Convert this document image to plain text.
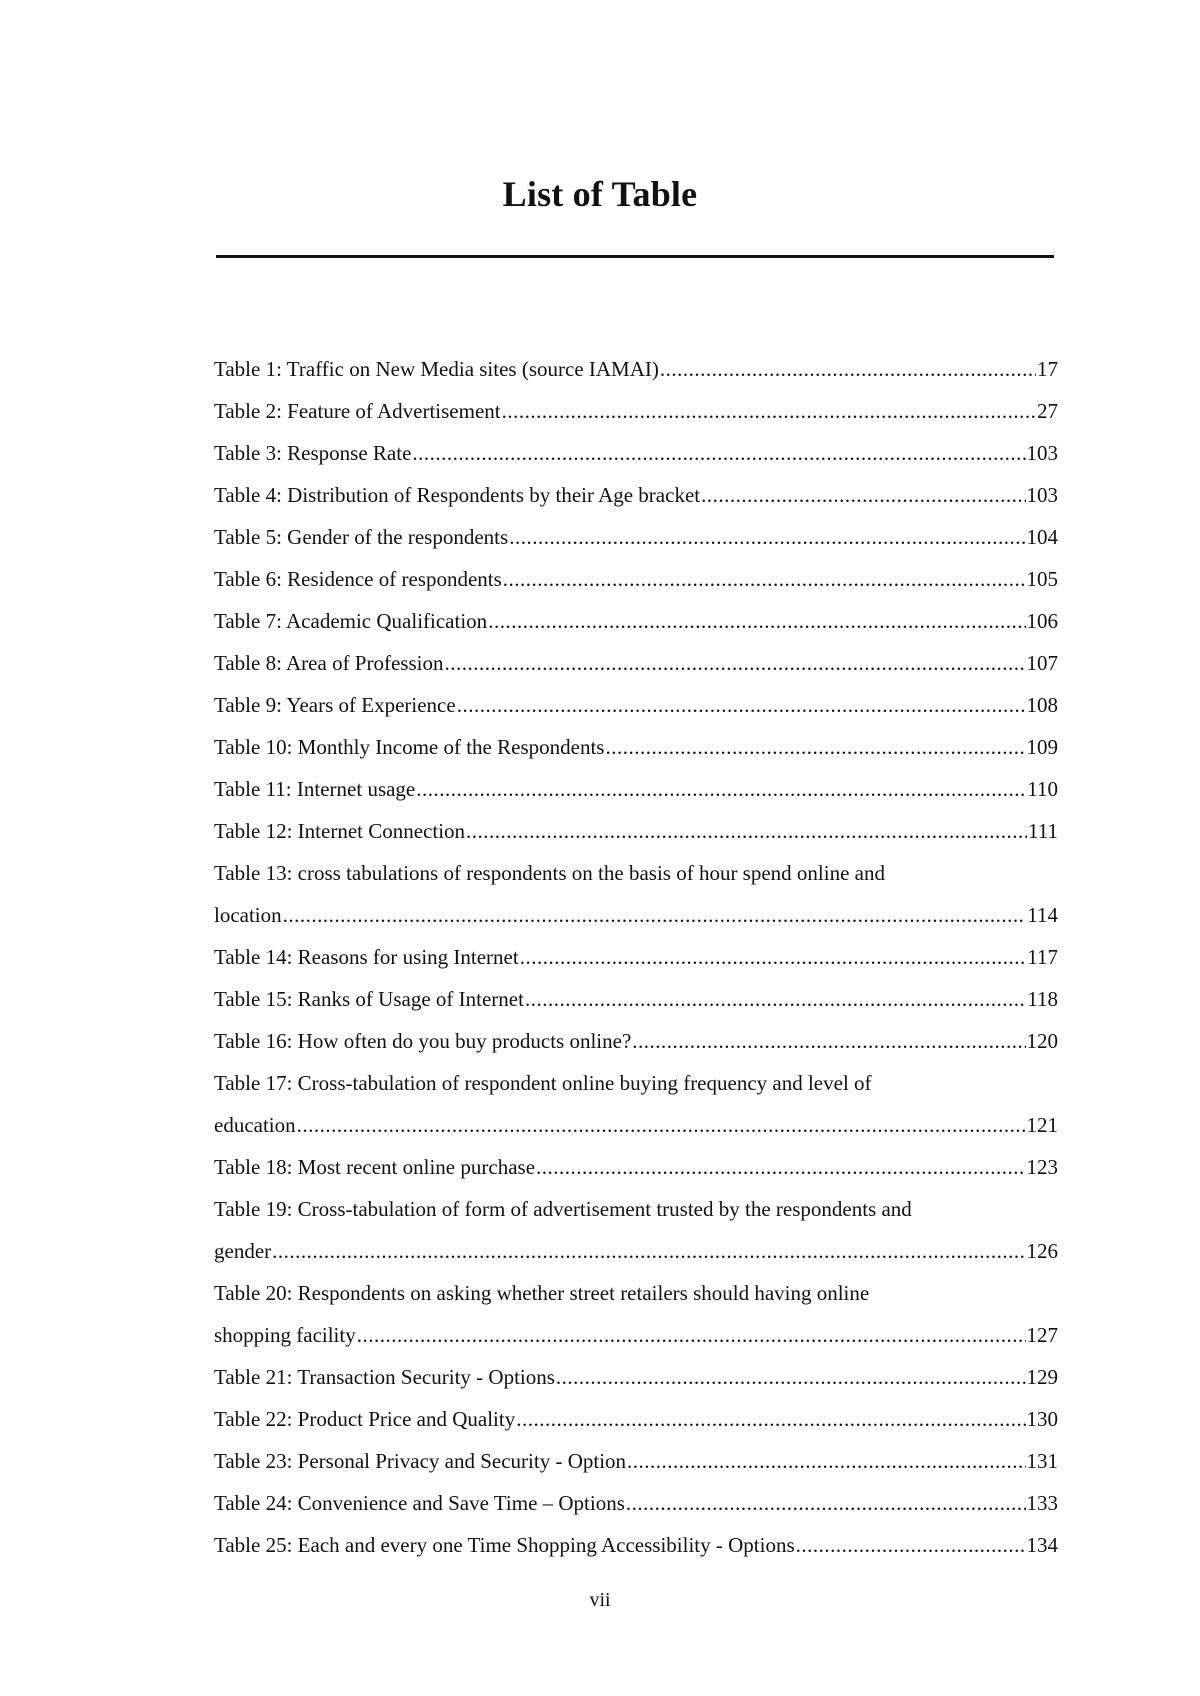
List of Table
Table 1: Traffic on New Media sites (source IAMAI) .....	17
Table 2: Feature of Advertisement .....	27
Table 3: Response Rate .....	103
Table 4: Distribution of Respondents by their Age bracket .....	103
Table 5: Gender of the respondents .....	104
Table 6: Residence of respondents .....	105
Table 7: Academic Qualification .....	106
Table 8: Area of Profession .....	107
Table 9: Years of Experience .....	108
Table 10: Monthly Income of the Respondents .....	109
Table 11: Internet usage .....	110
Table 12: Internet Connection .....	111
Table 13: cross tabulations of respondents on the basis of hour spend online and
location .....	114
Table 14: Reasons for using Internet .....	117
Table 15: Ranks of Usage of Internet .....	118
Table 16: How often do you buy products online? .....	120
Table 17: Cross-tabulation of respondent online buying frequency and level of
education .....	121
Table 18: Most recent online purchase .....	123
Table 19: Cross-tabulation of form of advertisement trusted by the respondents and
gender .....	126
Table 20: Respondents on asking whether street retailers should having online
shopping facility .....	127
Table 21: Transaction Security - Options .....	129
Table 22: Product Price and Quality .....	130
Table 23: Personal Privacy and Security - Option .....	131
Table 24: Convenience and Save Time – Options .....	133
Table 25: Each and every one Time Shopping Accessibility - Options .....	134
vii
